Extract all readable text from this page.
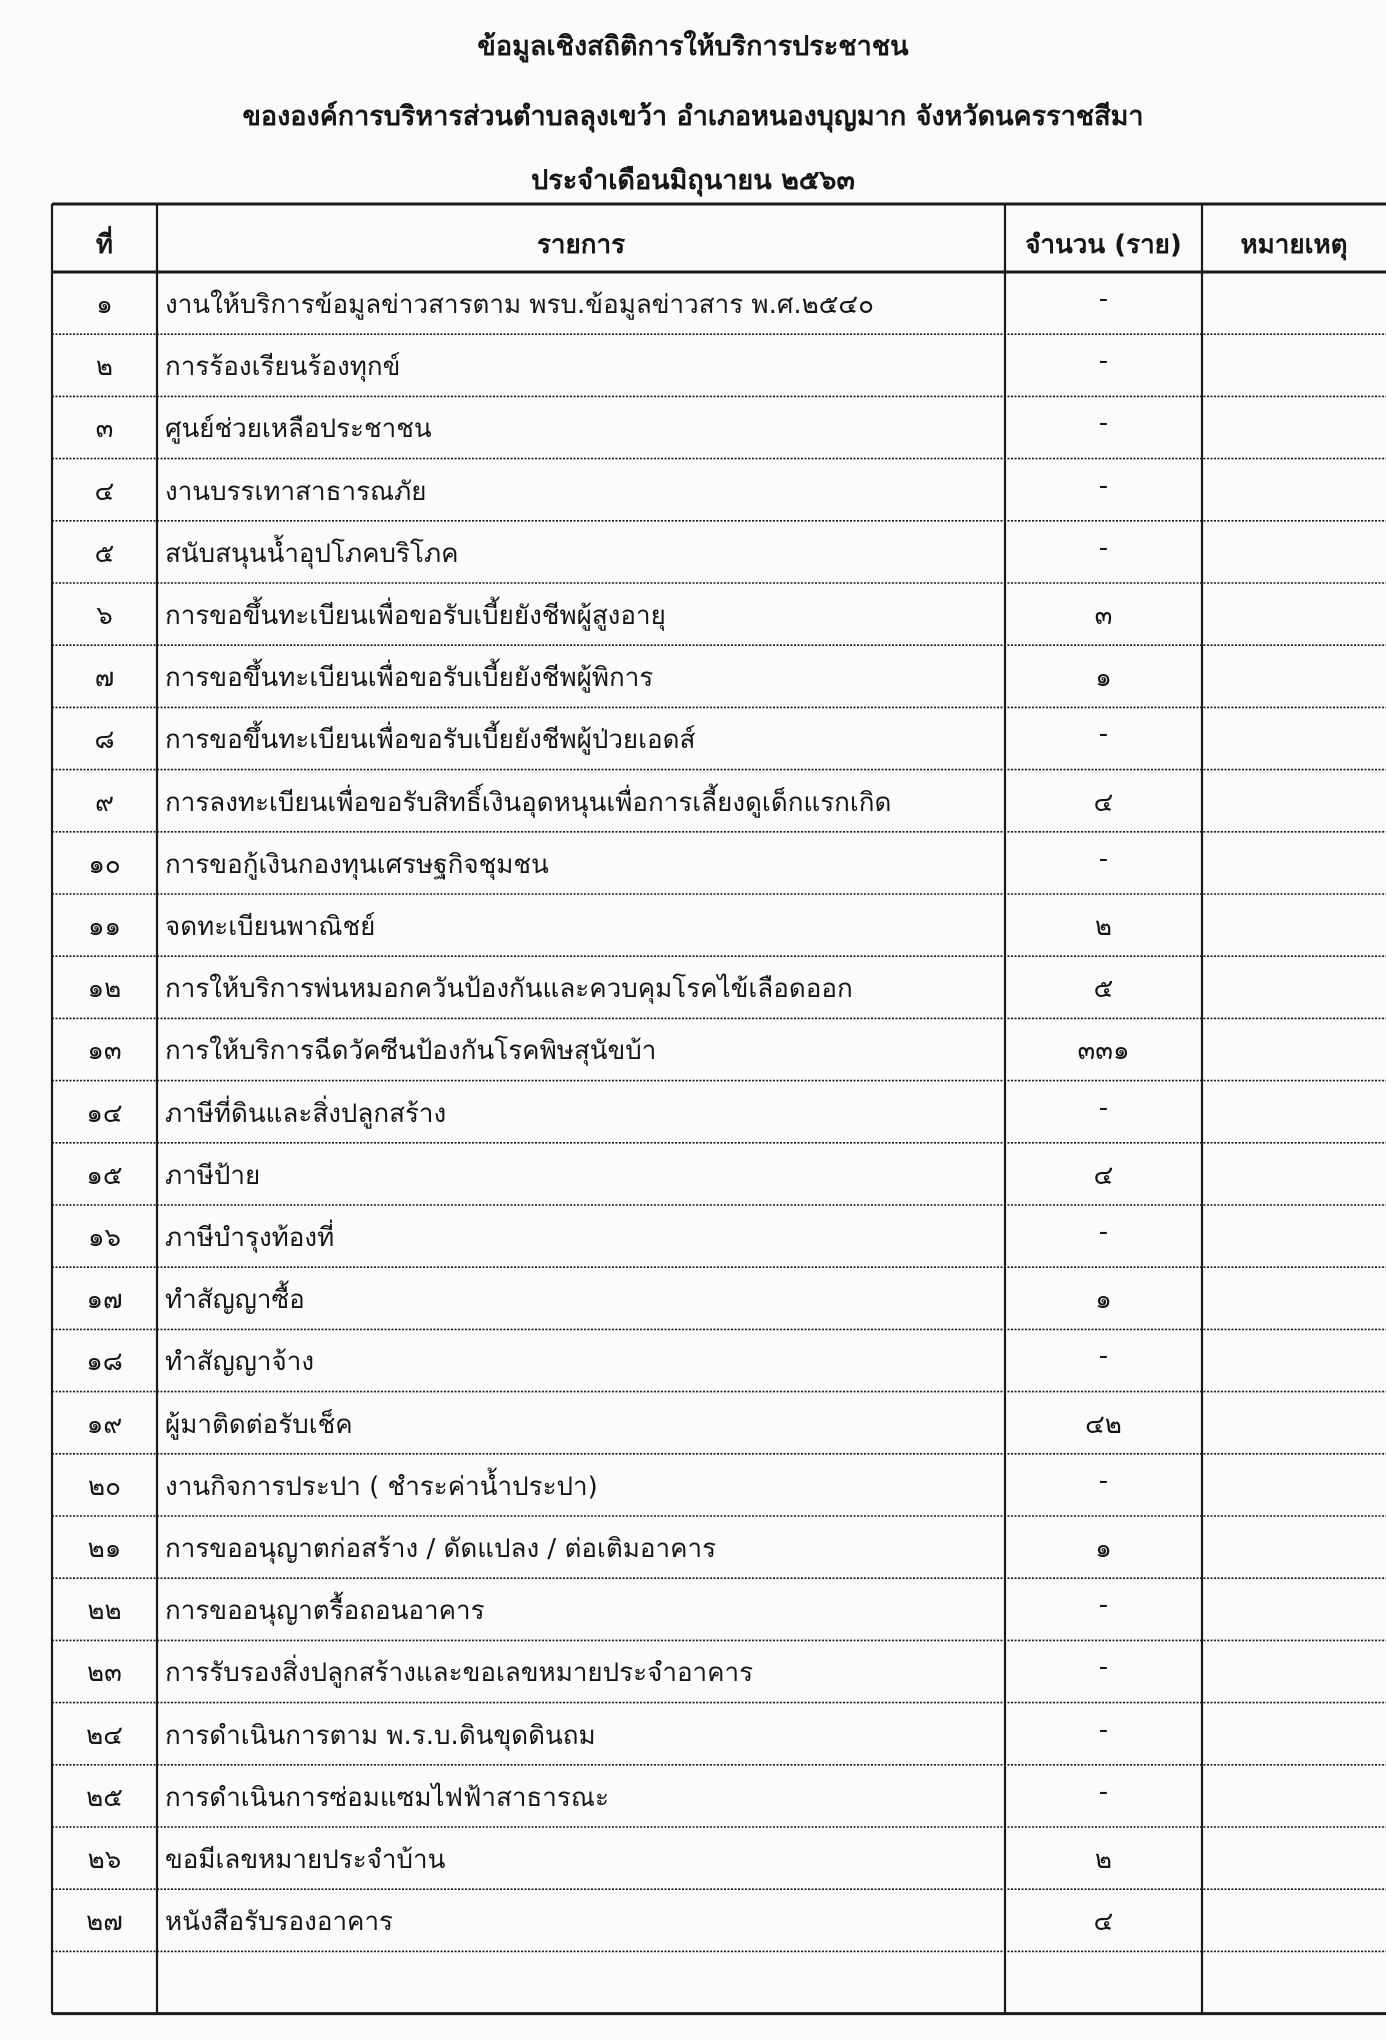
ข้อมูลเชิงสถิติการให้บริการประชาชน
ขององค์การบริหารส่วนตำบลลุงเขว้า อำเภอหนองบุญมาก จังหวัดนครราชสีมา
ประจำเดือนมิถุนายน ๒๕๖๓
ที่	รายการ	จำนวน (ราย)	หมายเหตุ
๑	งานให้บริการข้อมูลข่าวสารตาม พรบ.ข้อมูลข่าวสาร พ.ศ.๒๕๔๐	-
๒	การร้องเรียนร้องทุกข์	-
๓	ศูนย์ช่วยเหลือประชาชน	-
๔	งานบรรเทาสาธารณภัย	-
๕	สนับสนุนน้ำอุปโภคบริโภค	-
๖	การขอขึ้นทะเบียนเพื่อขอรับเบี้ยยังชีพผู้สูงอายุ	๓
๗	การขอขึ้นทะเบียนเพื่อขอรับเบี้ยยังชีพผู้พิการ	๑
๘	การขอขึ้นทะเบียนเพื่อขอรับเบี้ยยังชีพผู้ป่วยเอดส์	-
๙	การลงทะเบียนเพื่อขอรับสิทธิ์เงินอุดหนุนเพื่อการเลี้ยงดูเด็กแรกเกิด	๔
๑๐	การขอกู้เงินกองทุนเศรษฐกิจชุมชน	-
๑๑	จดทะเบียนพาณิชย์	๒
๑๒	การให้บริการพ่นหมอกควันป้องกันและควบคุมโรคไข้เลือดออก	๕
๑๓	การให้บริการฉีดวัคซีนป้องกันโรคพิษสุนัขบ้า	๓๓๑
๑๔	ภาษีที่ดินและสิ่งปลูกสร้าง	-
๑๕	ภาษีป้าย	๔
๑๖	ภาษีบำรุงท้องที่	-
๑๗	ทำสัญญาซื้อ	๑
๑๘	ทำสัญญาจ้าง	-
๑๙	ผู้มาติดต่อรับเช็ค	๔๒
๒๐	งานกิจการประปา ( ชำระค่าน้ำประปา)	-
๒๑	การขออนุญาตก่อสร้าง / ดัดแปลง / ต่อเติมอาคาร	๑
๒๒	การขออนุญาตรื้อถอนอาคาร	-
๒๓	การรับรองสิ่งปลูกสร้างและขอเลขหมายประจำอาคาร	-
๒๔	การดำเนินการตาม พ.ร.บ.ดินขุดดินถม	-
๒๕	การดำเนินการซ่อมแซมไฟฟ้าสาธารณะ	-
๒๖	ขอมีเลขหมายประจำบ้าน	๒
๒๗	หนังสือรับรองอาคาร	๔
